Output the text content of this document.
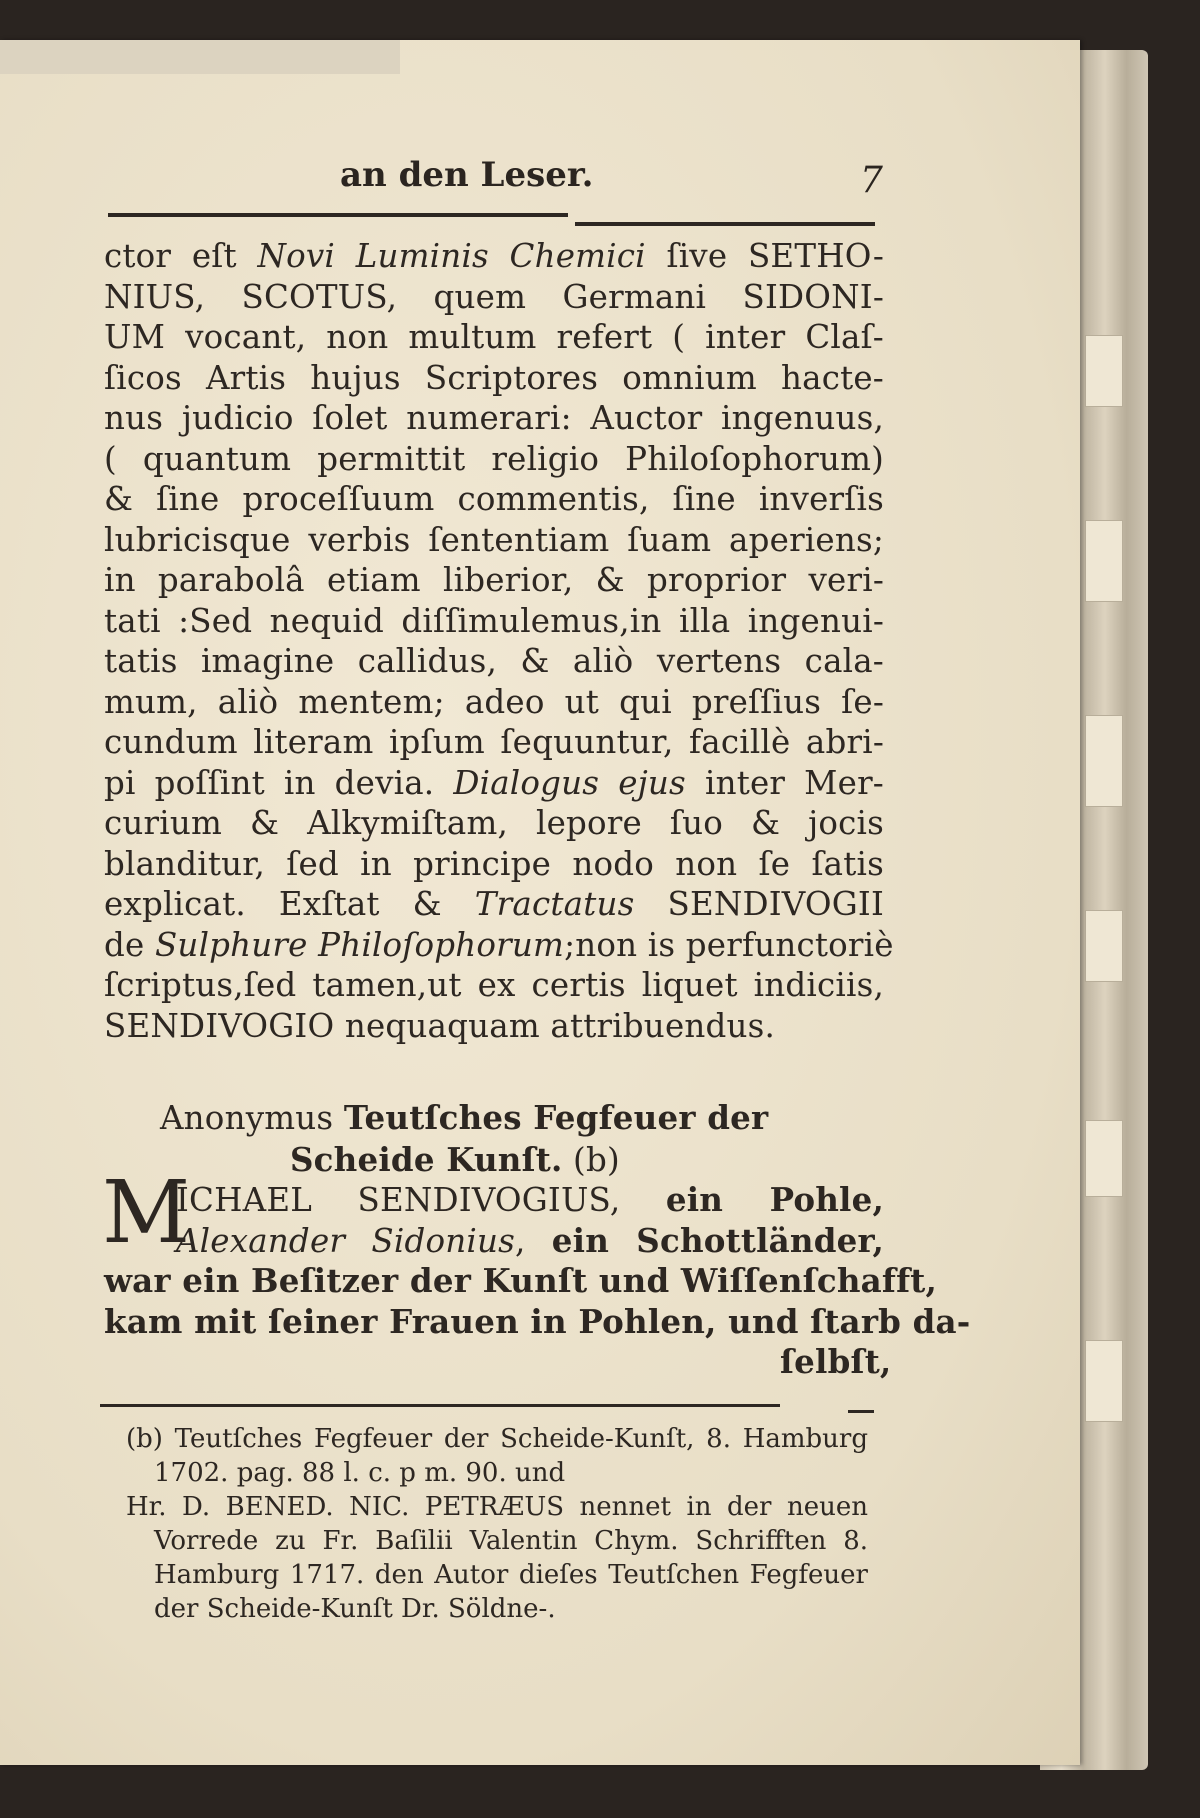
an den Leser.	7
ctor eſt Novi Luminis Chemici ſive SETHO-
NIUS, SCOTUS, quem Germani SIDONI-
UM vocant, non multum refert ( inter Claſ-
ſicos Artis hujus Scriptores omnium hacte-
nus judicio ſolet numerari: Auctor ingenuus,
( quantum permittit religio Philoſophorum)
& ſine proceſſuum commentis, ſine inverſis
lubricisque verbis ſententiam ſuam aperiens;
in parabolâ etiam liberior, & proprior veri-
tati :Sed nequid diſſimulemus,in illa ingenui-
tatis imagine callidus, & aliò vertens cala-
mum, aliò mentem; adeo ut qui preſſius ſe-
cundum literam ipſum ſequuntur, facillè abri-
pi poſſint in devia. Dialogus ejus inter Mer-
curium & Alkymiſtam, lepore ſuo & jocis
blanditur, ſed in principe nodo non ſe ſatis
explicat. Exſtat & Tractatus SENDIVOGII
de Sulphure Philoſophorum;non is perfunctoriè
ſcriptus,ſed tamen,ut ex certis liquet indiciis,
SENDIVOGIO nequaquam attribuendus.
Anonymus Teutſches Fegfeuer der
Scheide Kunſt. (b)
M
ICHAEL SENDIVOGIUS, ein Pohle,
Alexander Sidonius, ein Schottländer,
war ein Beſitzer der Kunſt und Wiſſenſchafft,
kam mit ſeiner Frauen in Pohlen, und ſtarb da-
ſelbſt,
(b) Teutſches Fegfeuer der Scheide-Kunſt, 8. Hamburg
1702. pag. 88 l. c. p m. 90. und
Hr. D. BENED. NIC. PETRÆUS nennet in der neuen
Vorrede zu Fr. Baſilii Valentin Chym. Schrifften 8.
Hamburg 1717. den Autor dieſes Teutſchen Fegfeuer
der Scheide-Kunſt Dr. Söldne-.
